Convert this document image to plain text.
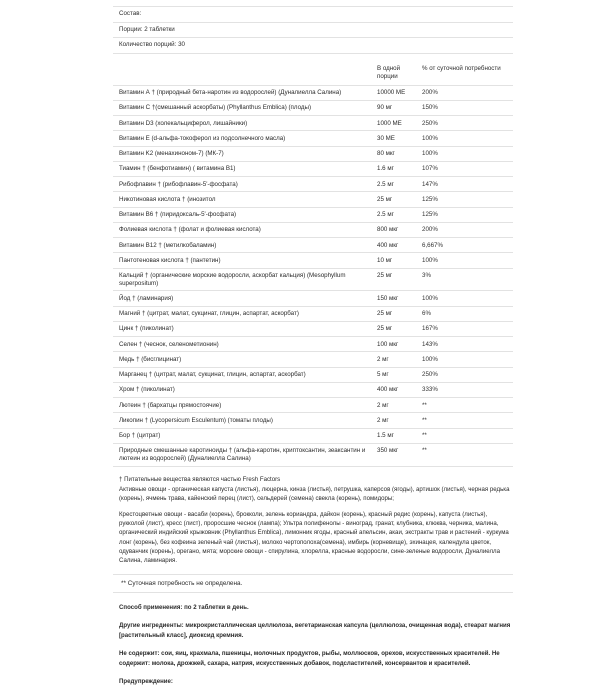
Состав:
Порции: 2 таблетки
Количество порций: 30
	В одной порции	% от суточной потребности
Витамин А † (природный бета-наротин из водорослей) (Дуналиелла Салина)	10000 МЕ	200%
Витамин C †(смешанный аскорбаты) (Phyllanthus Emblica) (плоды)	90 мг	150%
Витамин D3 (холекальциферол, лишайники)	1000 МЕ	250%
Витамин Е (d-альфа-токоферол из подсолнечного масла)	30 МЕ	100%
Витамин K2 (менахиноном-7) (МК-7)	80 мкг	100%
Тиамин † (бенфотиамин) ( витамина В1)	1.6 мг	107%
Рибофлавин † (рибофлавин-5'-фосфата)	2.5 мг	147%
Никотиновая кислота † (инозитол	25 мг	125%
Витамин B6 † (пиридоксаль-5'-фосфата)	2.5 мг	125%
Фолиевая кислота † (фолат и фолиевая кислота)	800 мкг	200%
Витамин B12 † (метилкобаламин)	400 мкг	6,667%
Пантотеновая кислота † (пантетин)	10 мг	100%
Кальций † (органические морские водоросли, аскорбат кальция) (Mesophyllum superpositum)	25 мг	3%
Йод † (ламинария)	150 мкг	100%
Магний † (цитрат, малат, сукцинат, глицин, аспартат, аскорбат)	25 мг	6%
Цинк † (пиколинат)	25 мг	167%
Селен † (чеснок, селенометионин)	100 мкг	143%
Медь † (бисглицинат)	2 мг	100%
Марганец † (цитрат, малат, сукцинат, глицин, аспартат, аскорбат)	5 мг	250%
Хром † (пиколинат)	400 мкг	333%
Лютеин † (бархатцы прямостоячие)	2 мг	**
Ликопин † (Lycopersicum Esculentum) (томаты плоды)	2 мг	**
Бор † (цитрат)	1.5 мг	**
Природные смешанные каротиноиды † (альфа-каротин, криптоксантин, зеаксантин и лютеин из водорослей) (Дуналиелла Салина)	350 мкг	**

† Питательные вещества являются частью Fresh Factors

Активные овощи - органическая капуста (листья), люцерна, кинза (листья), петрушка, каперсов (ягоды), артишок (листья), черная редька (корень), ячмень трава, кайенский перец (лист), сельдерей (семена) свекла (корень), помидоры;

Крестоцветные овощи - васаби (корень), брокколи, зелень кориандра, дайкон (корень), красный редис (корень), капуста (листья), рукколой (лист), кресс (лист), проросшие чеснок (лампа); Ультра полифенолы - виноград, гранат, клубника, клюква, черника, малина, органический индийский крыжовник (Phyllanthus Emblica), лимонник ягоды, красный апельсин, акаи, экстракты трав и растений - куркума лонг (корень), без кофеина зеленый чай (листья), молоко чертополоха(семена), имбирь (корневище), эхинацея, календула цветок, одуванчик (корень), орегано, мята; морские овощи - спирулина, хлорелла, красные водоросли, сине-зеленые водоросли, Дуналиелла Салина, ламинария.

** Суточная потребность не определена.
Способ применения: по 2 таблетки в день.
Другие ингредиенты: микрокристаллическая целлюлоза, вегетарианская капсула (целлюлоза, очищенная вода), стеарат магния [растительный класс], диоксид кремния.
Не содержит: сои, яиц, крахмала, пшеницы, молочных продуктов, рыбы, моллюсков, орехов, искусственных красителей. Не содержит: молока, дрожжей, сахара, натрия, искусственных добавок, подсластителей, консервантов и красителей.
Предупреждение:
